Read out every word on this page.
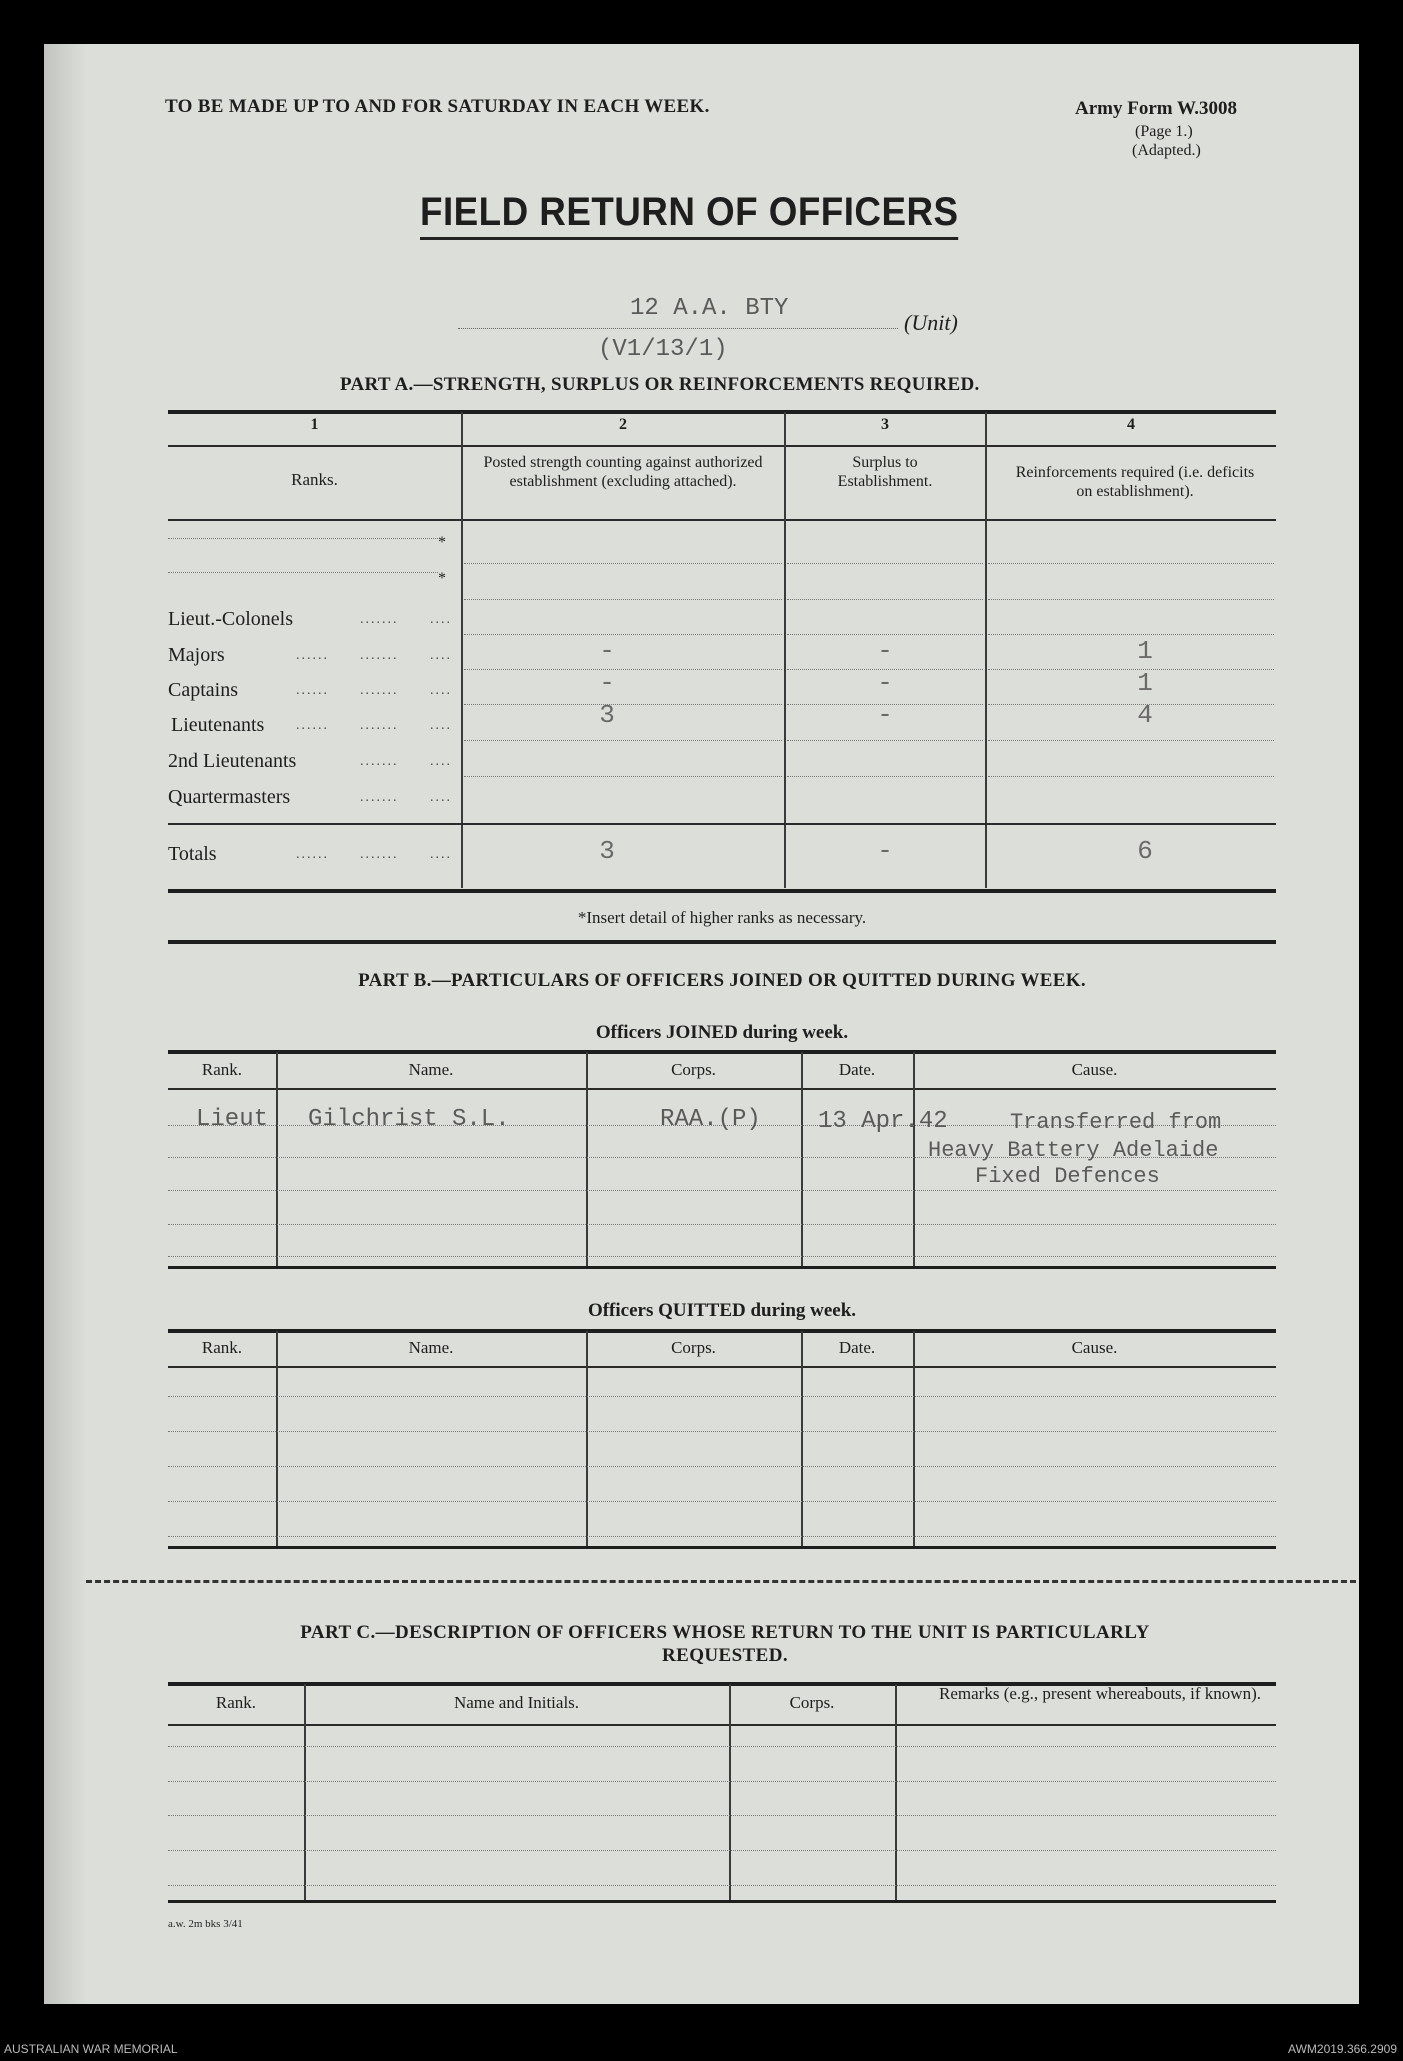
TO BE MADE UP TO AND FOR SATURDAY IN EACH WEEK.	Army Form W.3008
(Page 1.)
(Adapted.)
FIELD RETURN OF OFFICERS
12 A.A. BTY
(Unit)
(V1/13/1)
PART A.—STRENGTH, SURPLUS OR REINFORCEMENTS REQUIRED.
1	2	3	4
Ranks.
Posted strength counting against authorized establishment (excluding attached).
Surplus to Establishment.
Reinforcements required (i.e. deficits on establishment).
*
*
Lieut.-Colonels	....... ....
Majors	...... ....... ....	-	-	1
Captains	...... ....... ....	-	-	1
Lieutenants ...... ....... ....	3	-	4
2nd Lieutenants	....... ....
Quartermasters	....... ....
Totals	...... ....... ....	3	-	6
*Insert detail of higher ranks as necessary.
PART B.—PARTICULARS OF OFFICERS JOINED OR QUITTED DURING WEEK.
Officers JOINED during week.
Rank.	Name.	Corps.	Date.	Cause.
Lieut Gilchrist S.L.	RAA.(P) 13 Apr.42	Transferred from
Heavy Battery Adelaide
Fixed Defences
Officers QUITTED during week.
Rank.	Name.	Corps.	Date.	Cause.
PART C.—DESCRIPTION OF OFFICERS WHOSE RETURN TO THE UNIT IS PARTICULARLY
REQUESTED.
Rank.	Name and Initials.	Corps.	Remarks (e.g., present whereabouts, if known).
a.w. 2m bks 3/41
AUSTRALIAN WAR MEMORIAL	AWM2019.366.2909
